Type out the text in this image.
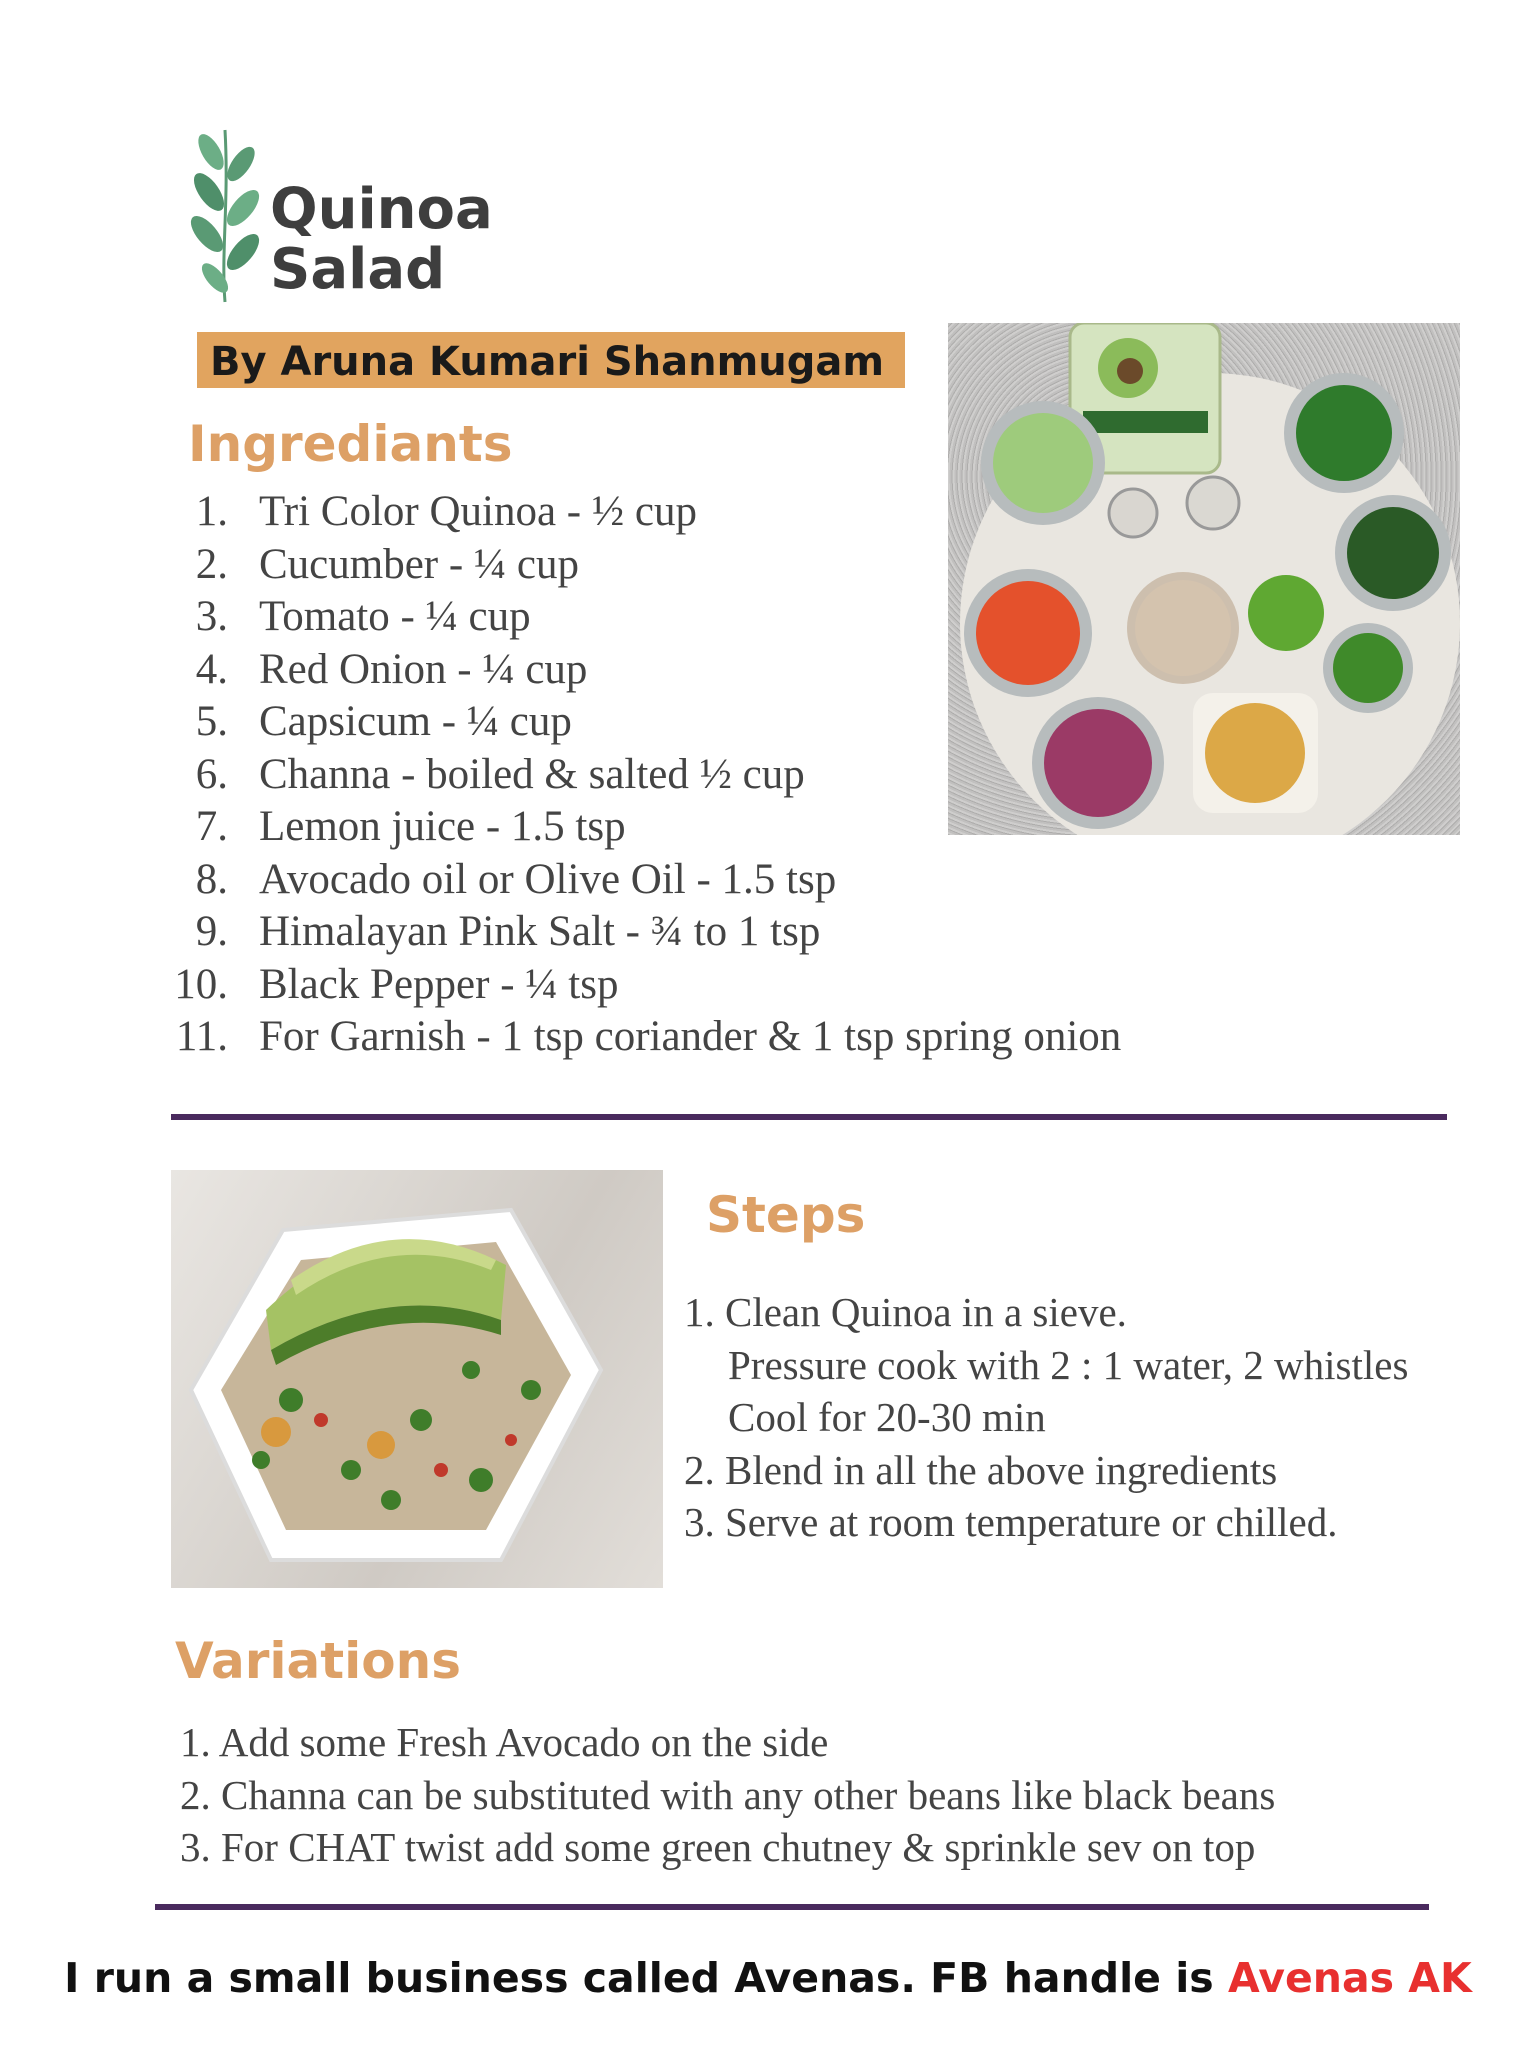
Quinoa
Salad
By Aruna Kumari Shanmugam
Ingrediants
1. Tri Color Quinoa - ½ cup
2. Cucumber - ¼ cup
3. Tomato - ¼ cup
4. Red Onion - ¼ cup
5. Capsicum - ¼ cup
6. Channa - boiled & salted ½ cup
7. Lemon juice - 1.5 tsp
8. Avocado oil or Olive Oil - 1.5 tsp
9. Himalayan Pink Salt - ¾ to 1 tsp
10. Black Pepper - ¼ tsp
11. For Garnish - 1 tsp coriander & 1 tsp spring onion
Steps
1. Clean Quinoa in a sieve.
Pressure cook with 2 : 1 water, 2 whistles
Cool for 20-30 min
2. Blend in all the above ingredients
3. Serve at room temperature or chilled.
Variations
1. Add some Fresh Avocado on the side
2. Channa can be substituted with any other beans like black beans
3. For CHAT twist add some green chutney & sprinkle sev on top
I run a small business called Avenas. FB handle is Avenas AK
